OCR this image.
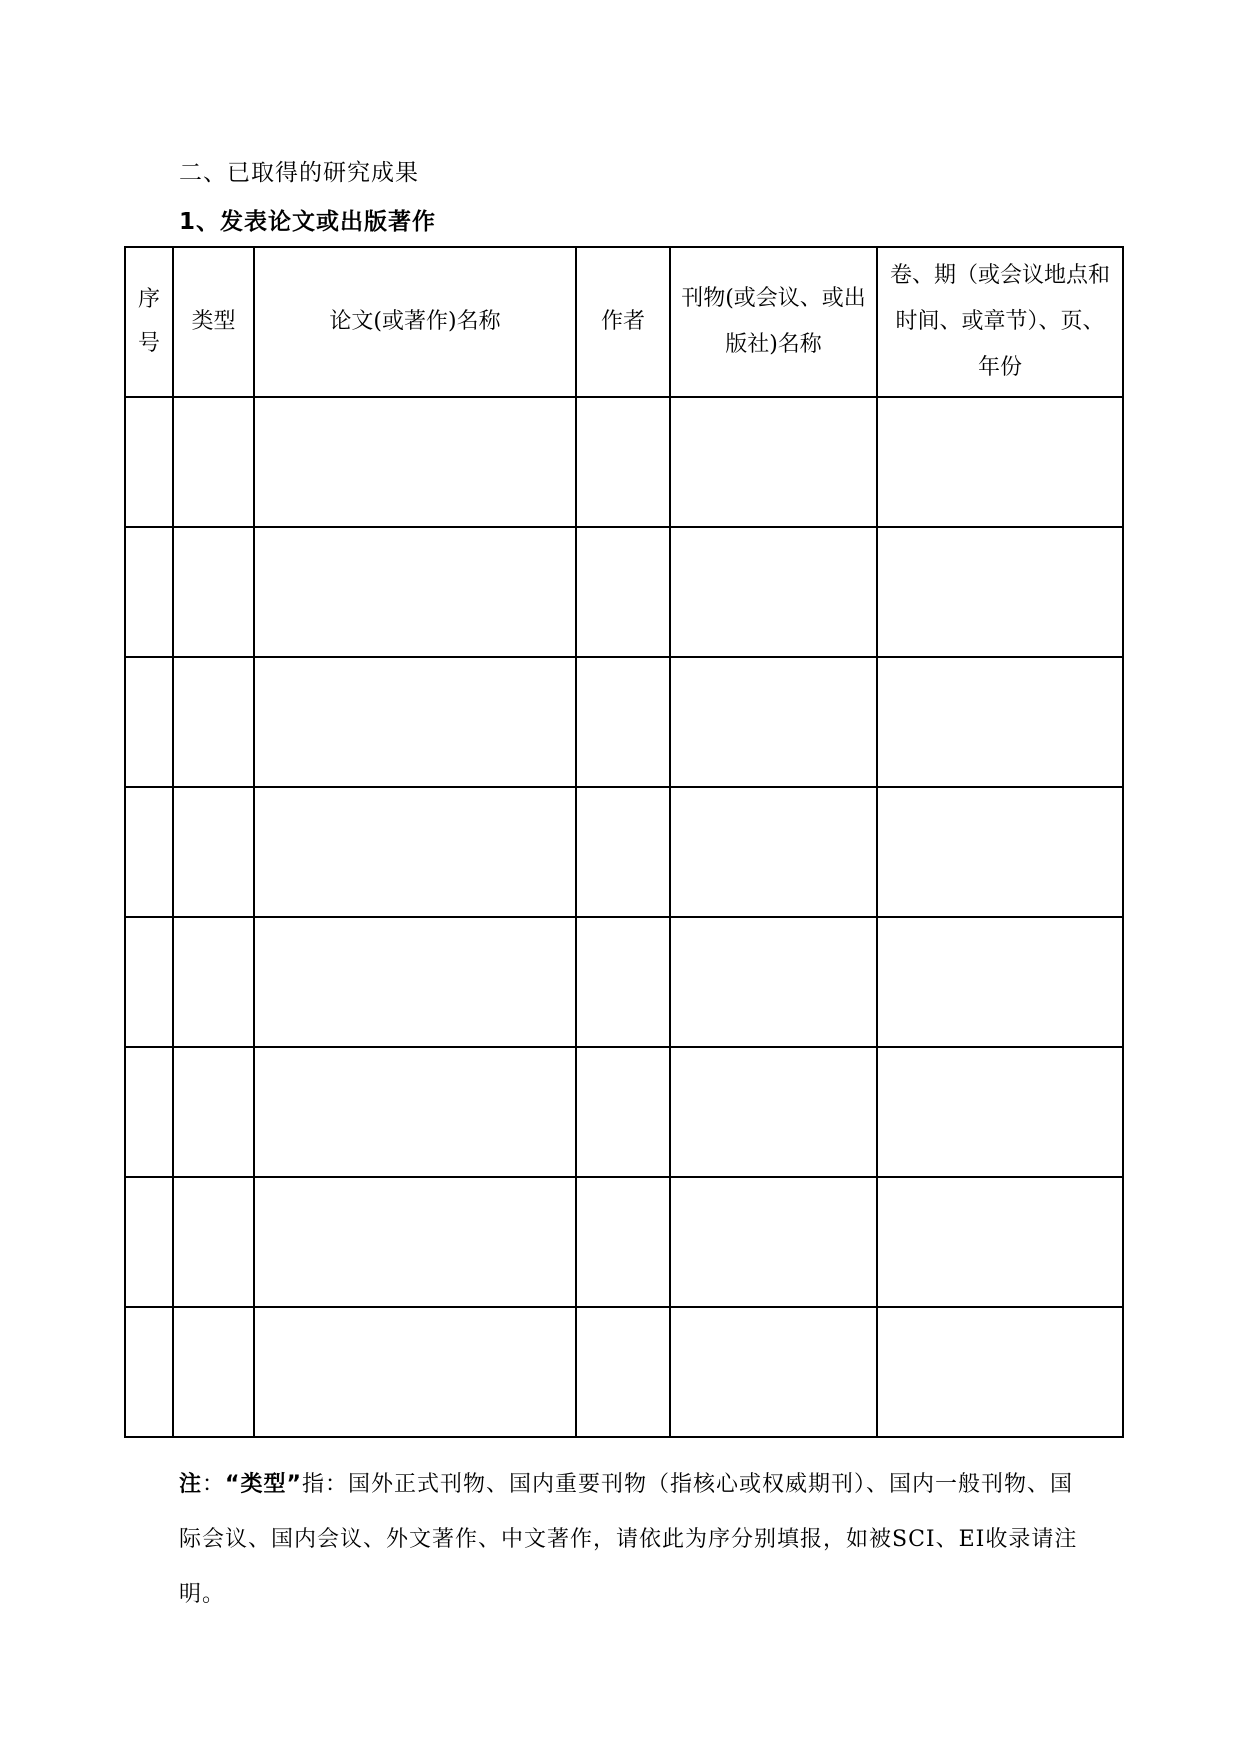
二、已取得的研究成果
1、发表论文或出版著作
序号	类型	论文(或著作)名称	作者	刊物(或会议、或出版社)名称	卷、期（或会议地点和时间、或章节）、页、年份

注：“类型”指：国外正式刊物、国内重要刊物（指核心或权威期刊）、国内一般刊物、国际会议、国内会议、外文著作、中文著作，请依此为序分别填报，如被SCI、EI收录请注明。
